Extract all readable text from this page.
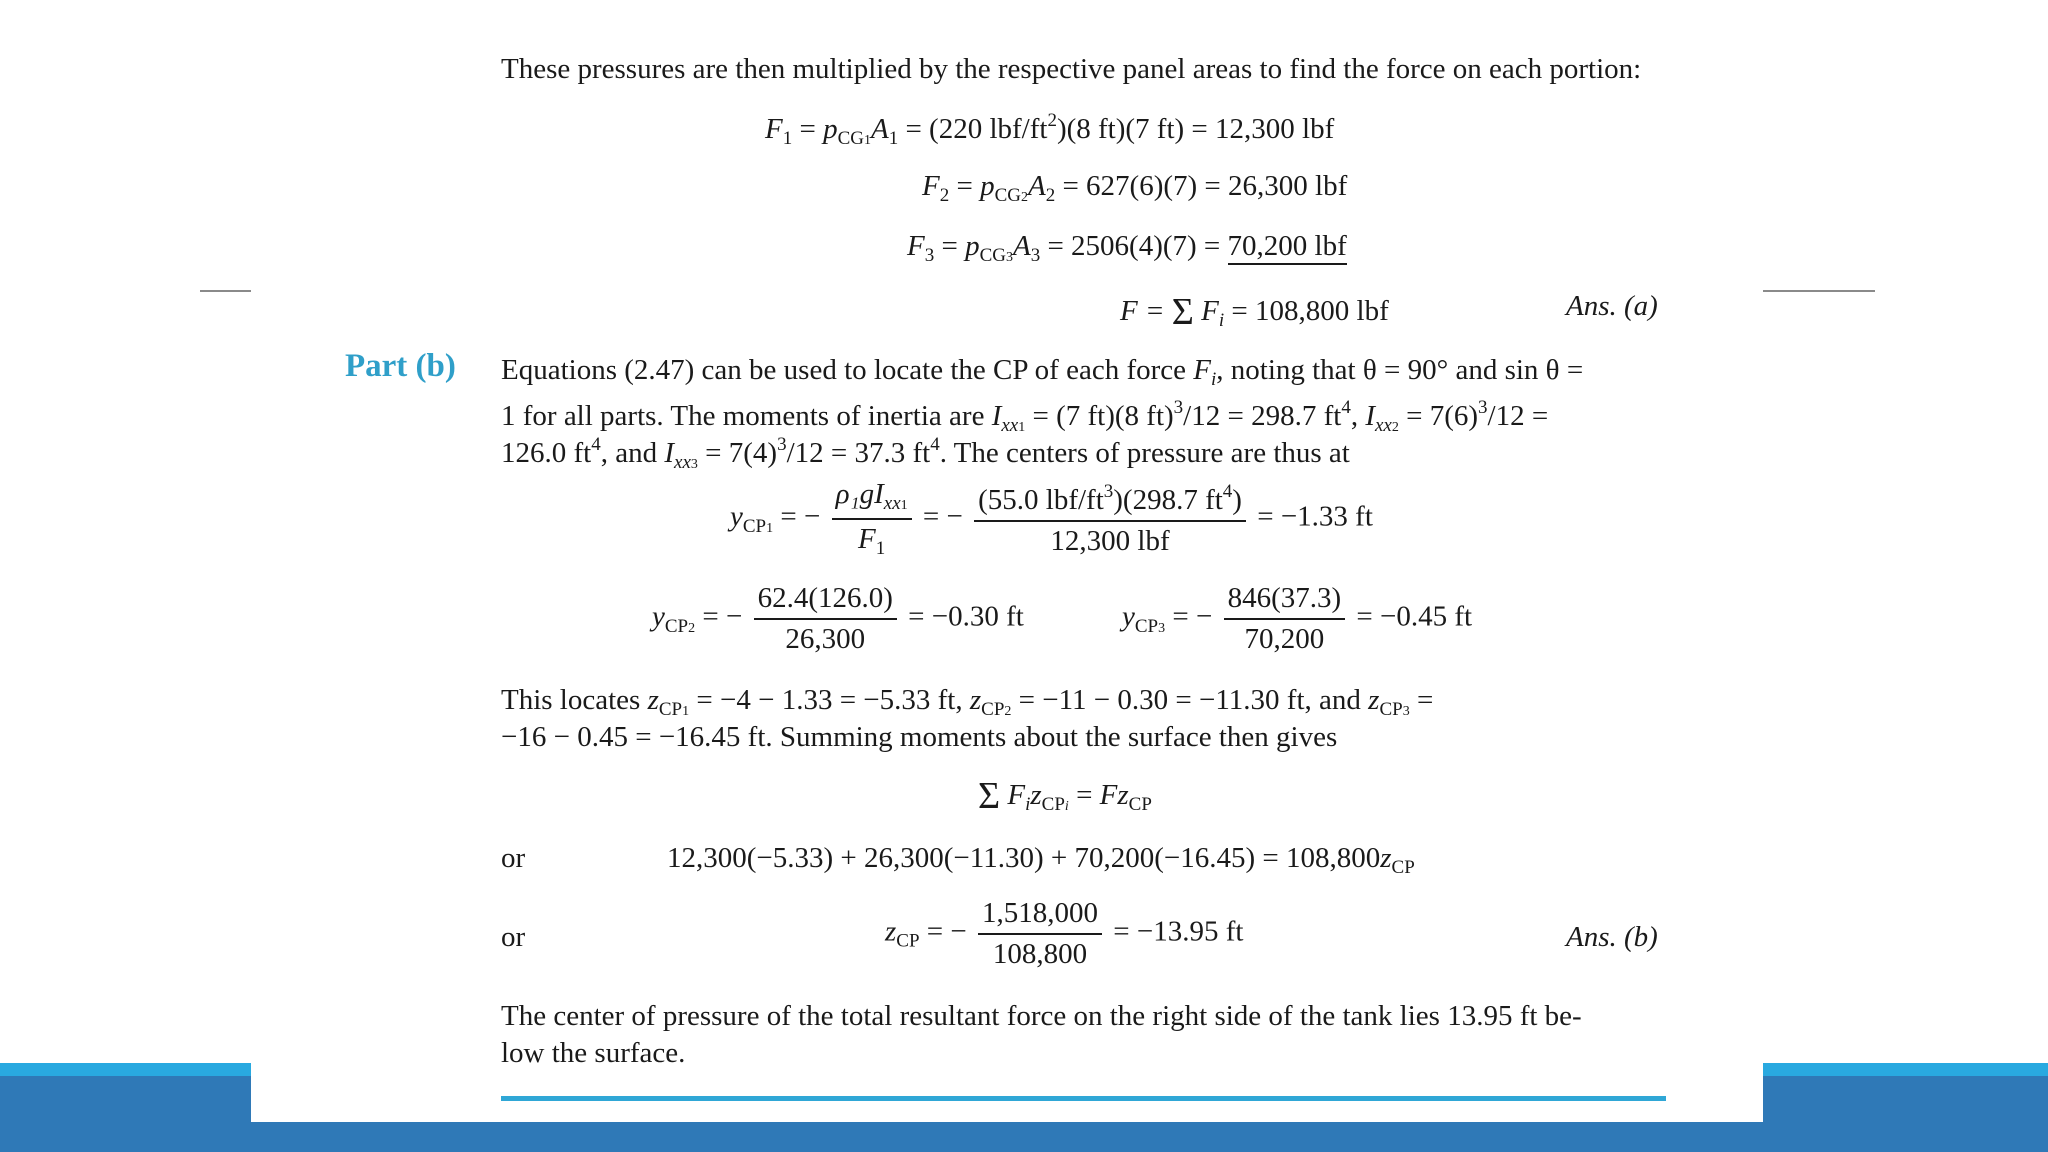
These pressures are then multiplied by the respective panel areas to find the force on each portion:
$F_1 = p_{CG1}A_1 = (220$ lbf/$ft^2)(8$ ft)(7 ft) = 12,300 lbf
$F_2 = p_{CG2}A_2 = 627(6)(7) = 26,300$ lbf
$F_3 = p_{CG3}A_3 = 2506(4)(7) = 70,200$ lbf
F = Σ $F_i = 108,800$ lbf	Ans. (a)
Part (b) Equations (2.47) can be used to locate the CP of each force $F_i$, noting that θ = 90° and sin θ =
1 for all parts. The moments of inertia are $I_{xx1} = (7$ ft)(8 ft)$^3$/12 = 298.7 $ft^4$, $I_{xx2} = 7(6)^3/12$ =
126.0 $ft^4$, and $I_{xx3} = 7(4)^3/12 = 37.3$ $ft^4$. The centers of pressure are thus at
$y_{CP1}$ = − $\frac{\rho_1gI_{xx1}}{F_1}$ = − $\frac{(55.0 lbf/ft^3)(298.7 ft^4)}{\text{12,300 lbf}} = -1.33$ ft
$y_{CP2}$ = − $\frac{62.4(126.0)}{26,300} = -0.30$ ft	$y_{CP3}$ = − $\frac{846(37.3)}{70,200} = -0.45$ ft
This locates $z_{CP1} = -4 - 1.33 = -5.33$ ft, $z_{CP2} = -11 - 0.30 = -11.30$ ft, and $z_{CP3}$ =
−16 − 0.45 = −16.45 ft. Summing moments about the surface then gives
Σ $F_iz_{CPi} = Fz_{CP}$
or	$12,300(-5.33) + 26,300(-11.30) + 70,200(-16.45) = 108,800z_{CP}$
or	$z_{CP}$ = − $\frac{1,518,000}{108,800} = -13.95$ ft	Ans. (b)
The center of pressure of the total resultant force on the right side of the tank lies 13.95 ft be-
low the surface.
